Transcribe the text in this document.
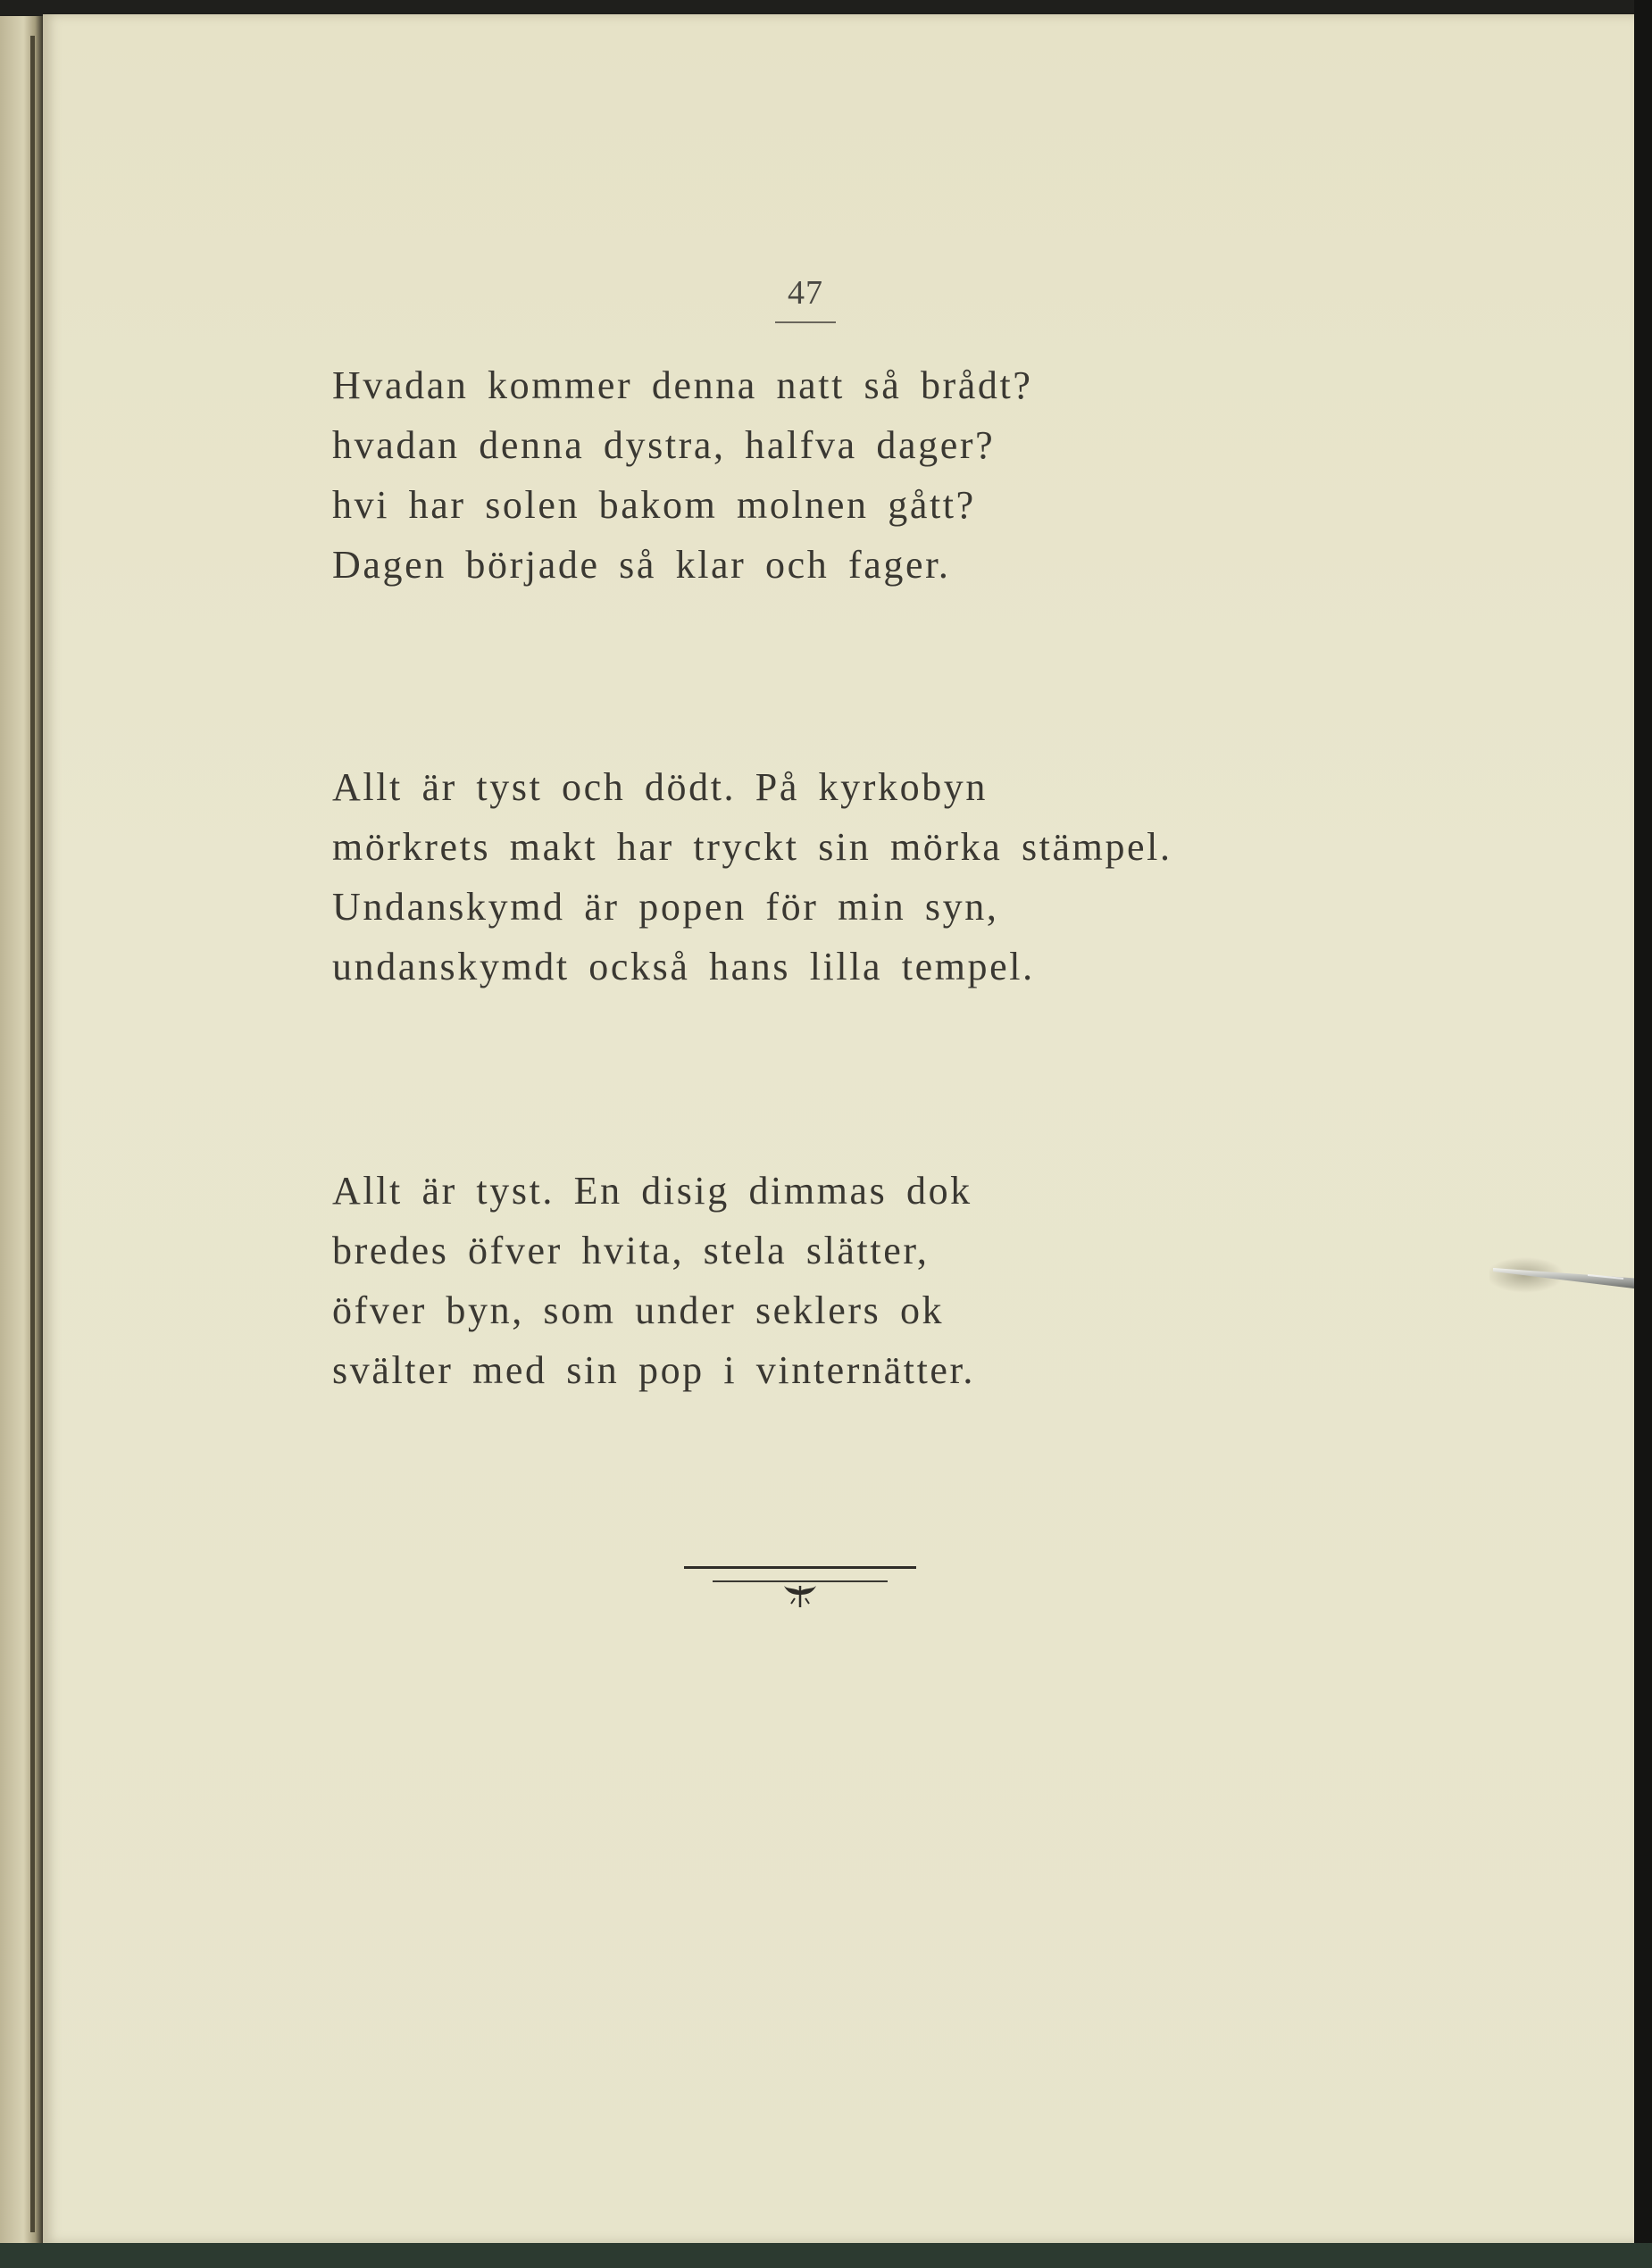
47
Hvadan kommer denna natt så brådt?
hvadan denna dystra, halfva dager?
hvi har solen bakom molnen gått?
Dagen började så klar och fager.
Allt är tyst och dödt. På kyrkobyn
mörkrets makt har tryckt sin mörka stämpel.
Undanskymd är popen för min syn,
undanskymdt också hans lilla tempel.
Allt är tyst. En disig dimmas dok
bredes öfver hvita, stela slätter,
öfver byn, som under seklers ok
svälter med sin pop i vinternätter.
